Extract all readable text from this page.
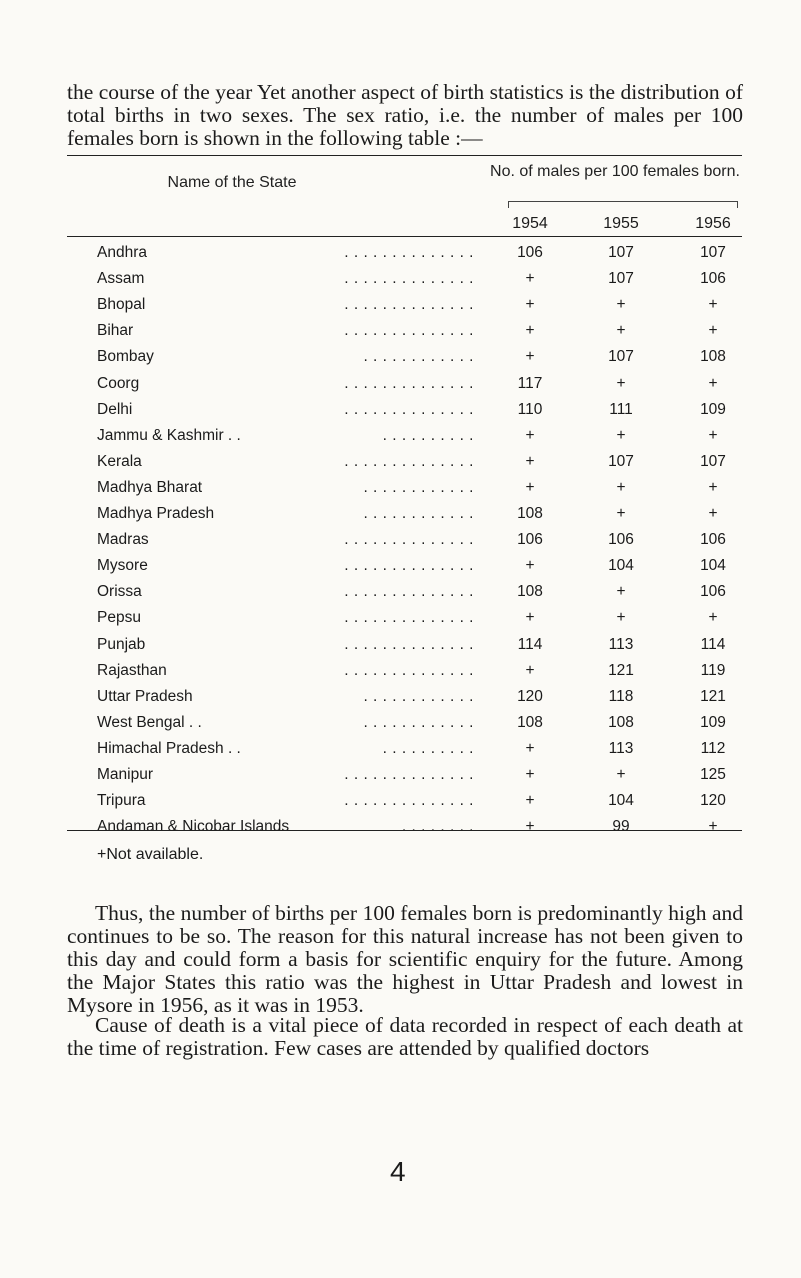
the course of the year Yet another aspect of birth statistics is the distribution of total births in two sexes. The sex ratio, i.e. the number of males per 100 females born is shown in the following table :—

Name of the State
No. of males per 100 females born.
1954	1955	1956
Andhra	. . . . . . . . . . . . . .	106	107	107
Assam	. . . . . . . . . . . . . .	+	107	106
Bhopal	. . . . . . . . . . . . . .	+	+	+
Bihar	. . . . . . . . . . . . . .	+	+	+
Bombay	. . . . . . . . . . . .	+	107	108
Coorg	. . . . . . . . . . . . . .	117	+	+
Delhi	. . . . . . . . . . . . . .	110	111	109
Jammu & Kashmir . .	. . . . . . . . . .	+	+	+
Kerala	. . . . . . . . . . . . . .	+	107	107
Madhya Bharat	. . . . . . . . . . . .	+	+	+
Madhya Pradesh	. . . . . . . . . . . .	108	+	+
Madras	. . . . . . . . . . . . . .	106	106	106
Mysore	. . . . . . . . . . . . . .	+	104	104
Orissa	. . . . . . . . . . . . . .	108	+	106
Pepsu	. . . . . . . . . . . . . .	+	+	+
Punjab	. . . . . . . . . . . . . .	114	113	114
Rajasthan	. . . . . . . . . . . . . .	+	121	119
Uttar Pradesh	. . . . . . . . . . . .	120	118	121
West Bengal . .	. . . . . . . . . . . .	108	108	109
Himachal Pradesh . .	. . . . . . . . . .	+	113	112
Manipur	. . . . . . . . . . . . . .	+	+	125
Tripura	. . . . . . . . . . . . . .	+	104	120
Andaman & Nicobar Islands	. . . . . . . .	+	99	+
+Not available.

Thus, the number of births per 100 females born is predominantly high and continues to be so. The reason for this natural increase has not been given to this day and could form a basis for scientific enquiry for the future. Among the Major States this ratio was the highest in Uttar Pradesh and lowest in Mysore in 1956, as it was in 1953.

Cause of death is a vital piece of data recorded in respect of each death at the time of registration. Few cases are attended by qualified doctors

4
